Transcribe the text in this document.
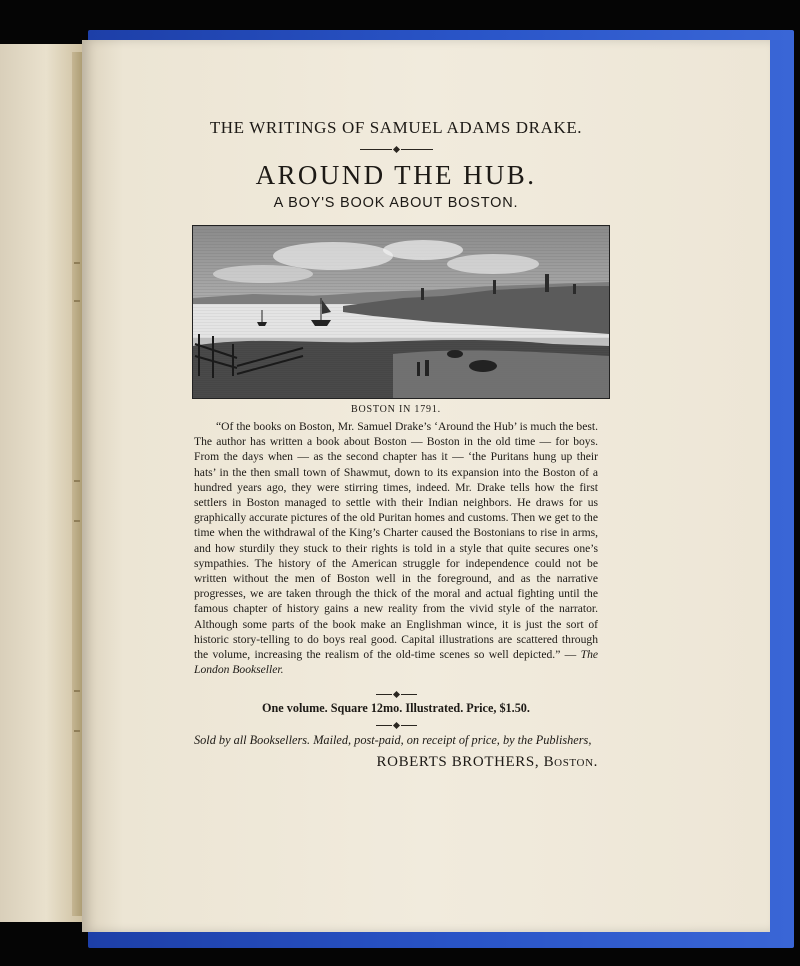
THE WRITINGS OF SAMUEL ADAMS DRAKE.
AROUND THE HUB.
A BOY'S BOOK ABOUT BOSTON.
BOSTON IN 1791.

“Of the books on Boston, Mr. Samuel Drake’s ‘Around the Hub’ is much the best. The author has written a book about Boston — Boston in the old time — for boys. From the days when — as the second chapter has it — ‘the Puritans hung up their hats’ in the then small town of Shawmut, down to its expansion into the Boston of a hundred years ago, they were stirring times, indeed. Mr. Drake tells how the first settlers in Boston managed to settle with their Indian neighbors. He draws for us graphically accurate pictures of the old Puritan homes and customs. Then we get to the time when the withdrawal of the King’s Charter caused the Bostonians to rise in arms, and how sturdily they stuck to their rights is told in a style that quite secures one’s sympathies. The history of the American struggle for independence could not be written without the men of Boston well in the foreground, and as the narrative progresses, we are taken through the thick of the moral and actual fighting until the famous chapter of history gains a new reality from the vivid style of the narrator. Although some parts of the book make an Englishman wince, it is just the sort of historic story-telling to do boys real good. Capital illustrations are scattered through the volume, increasing the realism of the old-time scenes so well depicted.” — The London Bookseller.

One volume. Square 12mo. Illustrated. Price, $1.50.
Sold by all Booksellers. Mailed, post-paid, on receipt of price, by the Publishers,
ROBERTS BROTHERS, Boston.
